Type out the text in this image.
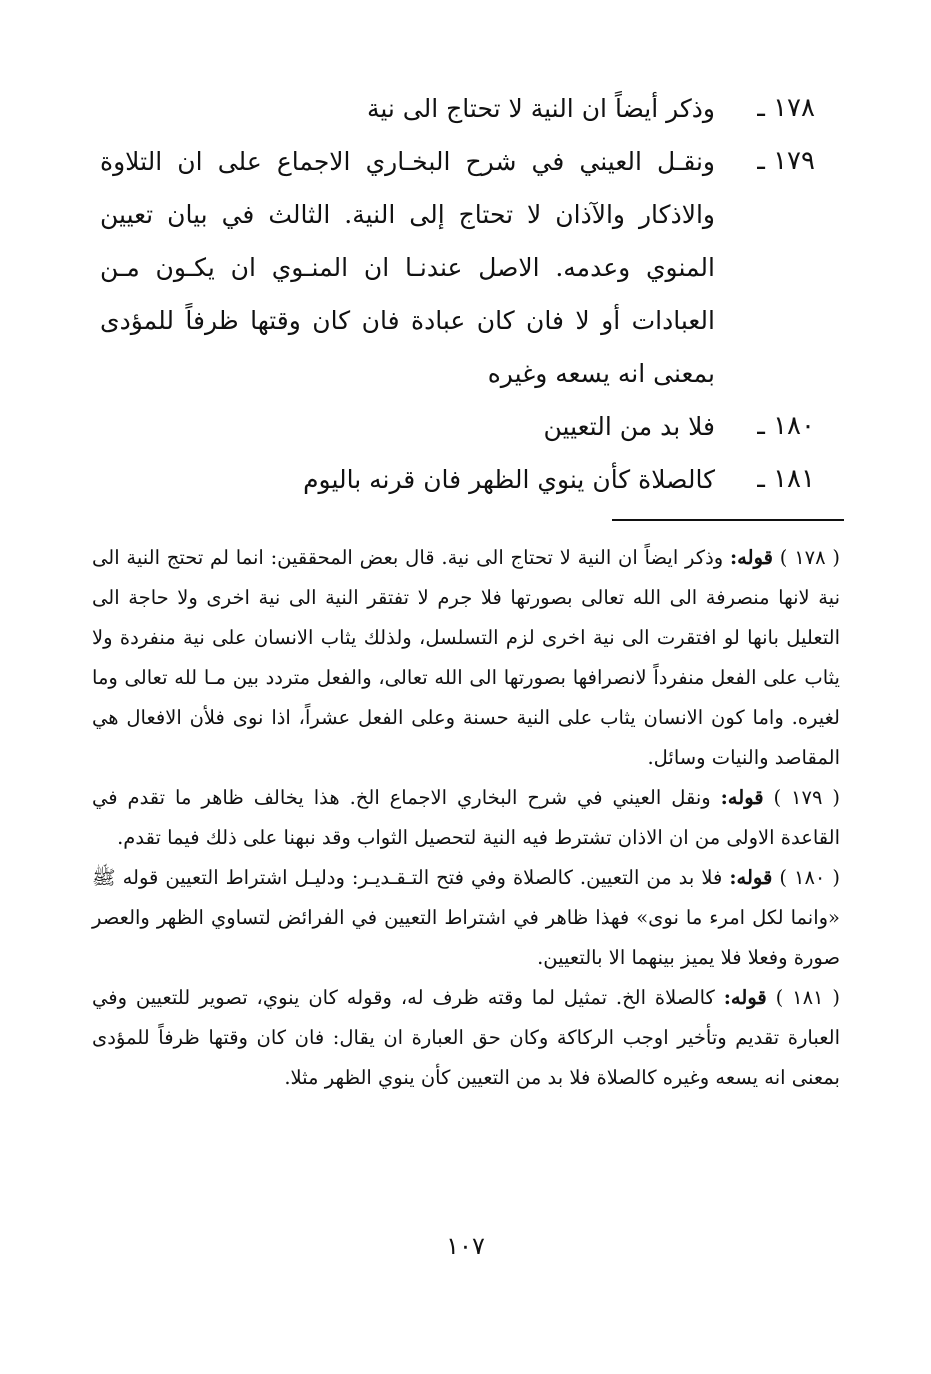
١٧٨ ـ
وذكر أيضاً ان النية لا تحتاج الى نية
١٧٩ ـ
ونقـل العيني في شرح البخـاري الاجماع على ان التلاوة والاذكار والآذان لا تحتاج إلى النية. الثالث في بيان تعيين المنوي وعدمه. الاصل عندنـا ان المنـوي ان يكـون مـن العبادات أو لا فان كان عبادة فان كان وقتها ظرفاً للمؤدى بمعنى انه يسعه وغيره
١٨٠ ـ
فلا بد من التعيين
١٨١ ـ
كالصلاة كأن ينوي الظهر فان قرنه باليوم
( ١٧٨ ) قوله: وذكر ايضاً ان النية لا تحتاج الى نية. قال بعض المحققين: انما لم تحتج النية الى نية لانها منصرفة الى الله تعالى بصورتها فلا جرم لا تفتقر النية الى نية اخرى ولا حاجة الى التعليل بانها لو افتقرت الى نية اخرى لزم التسلسل، ولذلك يثاب الانسان على نية منفردة ولا يثاب على الفعل منفرداً لانصرافها بصورتها الى الله تعالى، والفعل متردد بين مـا لله تعالى وما لغيره. واما كون الانسان يثاب على النية حسنة وعلى الفعل عشراً، اذا نوى فلأن الافعال هي المقاصد والنيات وسائل.
( ١٧٩ ) قوله: ونقل العيني في شرح البخاري الاجماع الخ. هذا يخالف ظاهر ما تقدم في القاعدة الاولى من ان الاذان تشترط فيه النية لتحصيل الثواب وقد نبهنا على ذلك فيما تقدم.
( ١٨٠ ) قوله: فلا بد من التعيين. كالصلاة وفي فتح التـقـديـر: ودليـل اشتراط التعيين قوله ﷺ «وانما لكل امرء ما نوى» فهذا ظاهر في اشتراط التعيين في الفرائض لتساوي الظهر والعصر صورة وفعلا فلا يميز بينهما الا بالتعيين.
( ١٨١ ) قوله: كالصلاة الخ. تمثيل لما وقته ظرف له، وقوله كان ينوي، تصوير للتعيين وفي العبارة تقديم وتأخير اوجب الركاكة وكان حق العبارة ان يقال: فان كان وقتها ظرفاً للمؤدى بمعنى انه يسعه وغيره كالصلاة فلا بد من التعيين كأن ينوي الظهر مثلا.
١٠٧
